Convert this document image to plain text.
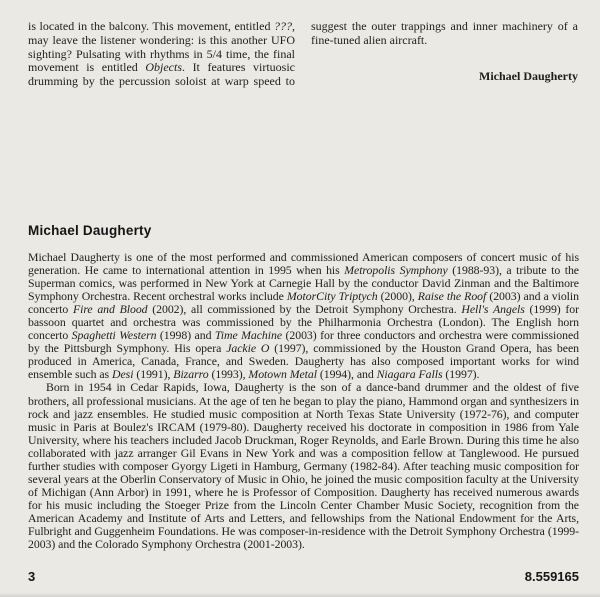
is located in the balcony. This movement, entitled ???, may leave the listener wondering: is this another UFO sighting? Pulsating with rhythms in 5/4 time, the final movement is entitled Objects. It features virtuosic drumming by the percussion soloist at warp speed to

suggest the outer trappings and inner machinery of a fine-tuned alien aircraft.

Michael Daugherty

Michael Daugherty

Michael Daugherty is one of the most performed and commissioned American composers of concert music of his generation. He came to international attention in 1995 when his Metropolis Symphony (1988-93), a tribute to the Superman comics, was performed in New York at Carnegie Hall by the conductor David Zinman and the Baltimore Symphony Orchestra. Recent orchestral works include MotorCity Triptych (2000), Raise the Roof (2003) and a violin concerto Fire and Blood (2002), all commissioned by the Detroit Symphony Orchestra. Hell's Angels (1999) for bassoon quartet and orchestra was commissioned by the Philharmonia Orchestra (London). The English horn concerto Spaghetti Western (1998) and Time Machine (2003) for three conductors and orchestra were commissioned by the Pittsburgh Symphony. His opera Jackie O (1997), commissioned by the Houston Grand Opera, has been produced in America, Canada, France, and Sweden. Daugherty has also composed important works for wind ensemble such as Desi (1991), Bizarro (1993), Motown Metal (1994), and Niagara Falls (1997).

Born in 1954 in Cedar Rapids, Iowa, Daugherty is the son of a dance-band drummer and the oldest of five brothers, all professional musicians. At the age of ten he began to play the piano, Hammond organ and synthesizers in rock and jazz ensembles. He studied music composition at North Texas State University (1972-76), and computer music in Paris at Boulez's IRCAM (1979-80). Daugherty received his doctorate in composition in 1986 from Yale University, where his teachers included Jacob Druckman, Roger Reynolds, and Earle Brown. During this time he also collaborated with jazz arranger Gil Evans in New York and was a composition fellow at Tanglewood. He pursued further studies with composer Gyorgy Ligeti in Hamburg, Germany (1982-84). After teaching music composition for several years at the Oberlin Conservatory of Music in Ohio, he joined the music composition faculty at the University of Michigan (Ann Arbor) in 1991, where he is Professor of Composition. Daugherty has received numerous awards for his music including the Stoeger Prize from the Lincoln Center Chamber Music Society, recognition from the American Academy and Institute of Arts and Letters, and fellowships from the National Endowment for the Arts, Fulbright and Guggenheim Foundations. He was composer-in-residence with the Detroit Symphony Orchestra (1999-2003) and the Colorado Symphony Orchestra (2001-2003).

3	8.559165
